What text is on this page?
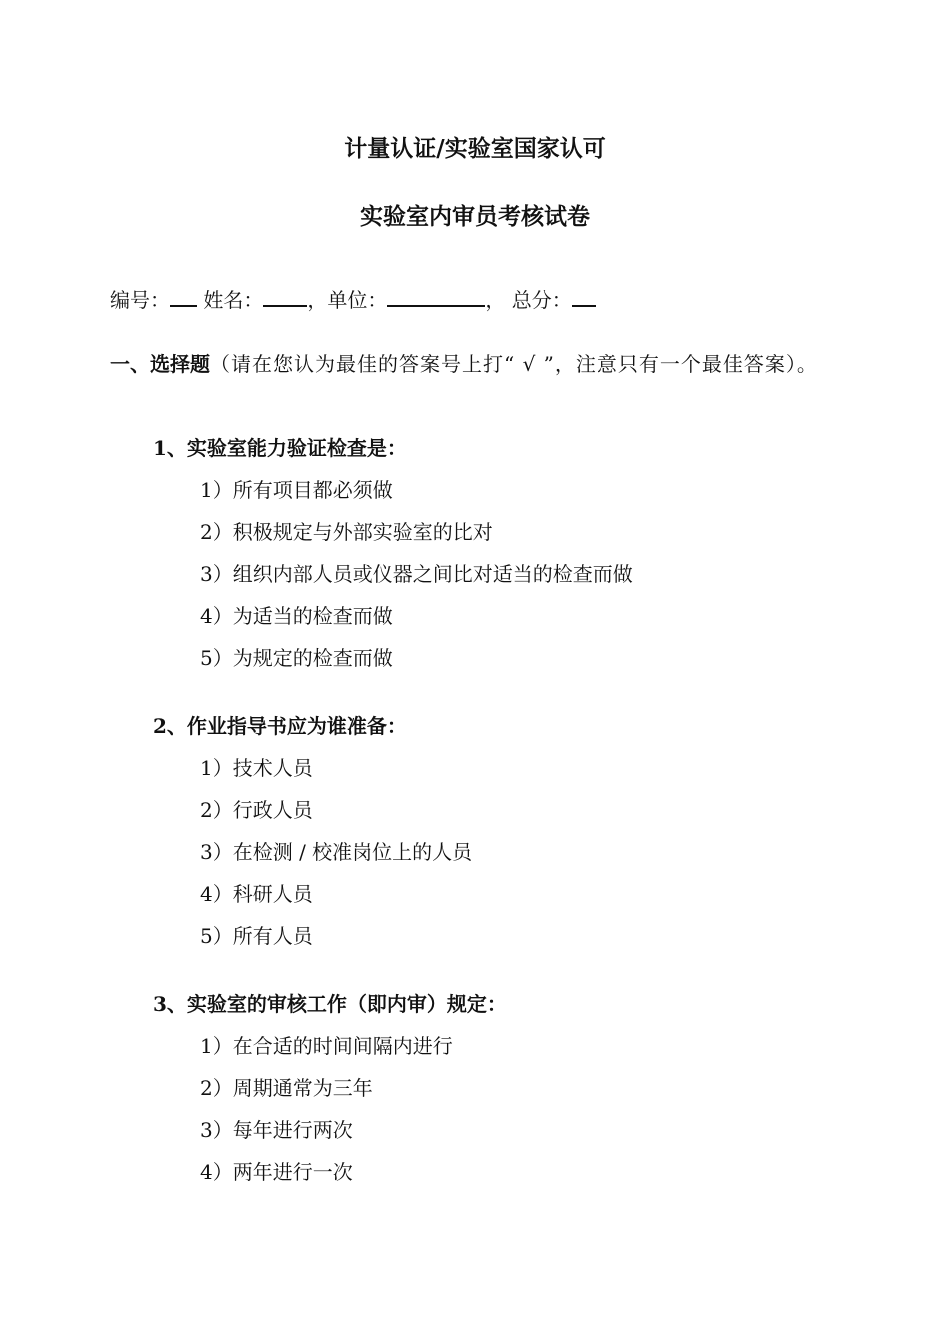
计量认证/实验室国家认可
实验室内审员考核试卷
编号： 姓名： ，单位：	， 总分：
一、选择题（请在您认为最佳的答案号上打“ √ ”，注意只有一个最佳答案）。
1、实验室能力验证检查是：
1）所有项目都必须做
2）积极规定与外部实验室的比对
3）组织内部人员或仪器之间比对适当的检查而做
4）为适当的检查而做
5）为规定的检查而做
2、作业指导书应为谁准备：
1）技术人员
2）行政人员
3）在检测 / 校准岗位上的人员
4）科研人员
5）所有人员
3、实验室的审核工作（即内审）规定：
1）在合适的时间间隔内进行
2）周期通常为三年
3）每年进行两次
4）两年进行一次
